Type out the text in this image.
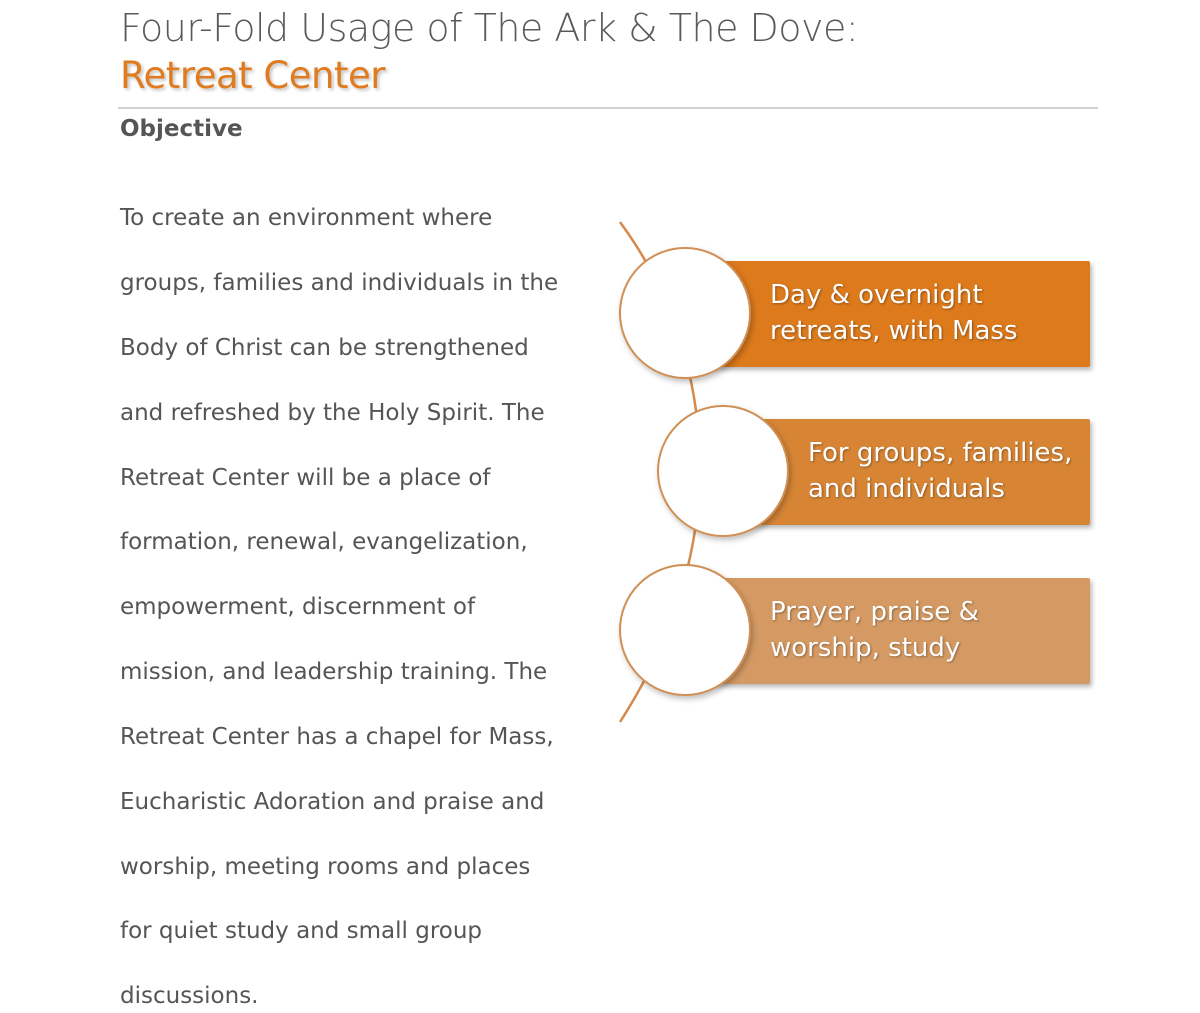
Four-Fold Usage of The Ark & The Dove:
Retreat Center
Objective

To create an environment where

groups, families and individuals in the

Body of Christ can be strengthened

and refreshed by the Holy Spirit. The

Retreat Center will be a place of

formation, renewal, evangelization,

empowerment, discernment of

mission, and leadership training. The

Retreat Center has a chapel for Mass,

Eucharistic Adoration and praise and

worship, meeting rooms and places

for quiet study and small group

discussions.

Day & overnight
retreats, with Mass
For groups, families,
and individuals
Prayer, praise &
worship, study
